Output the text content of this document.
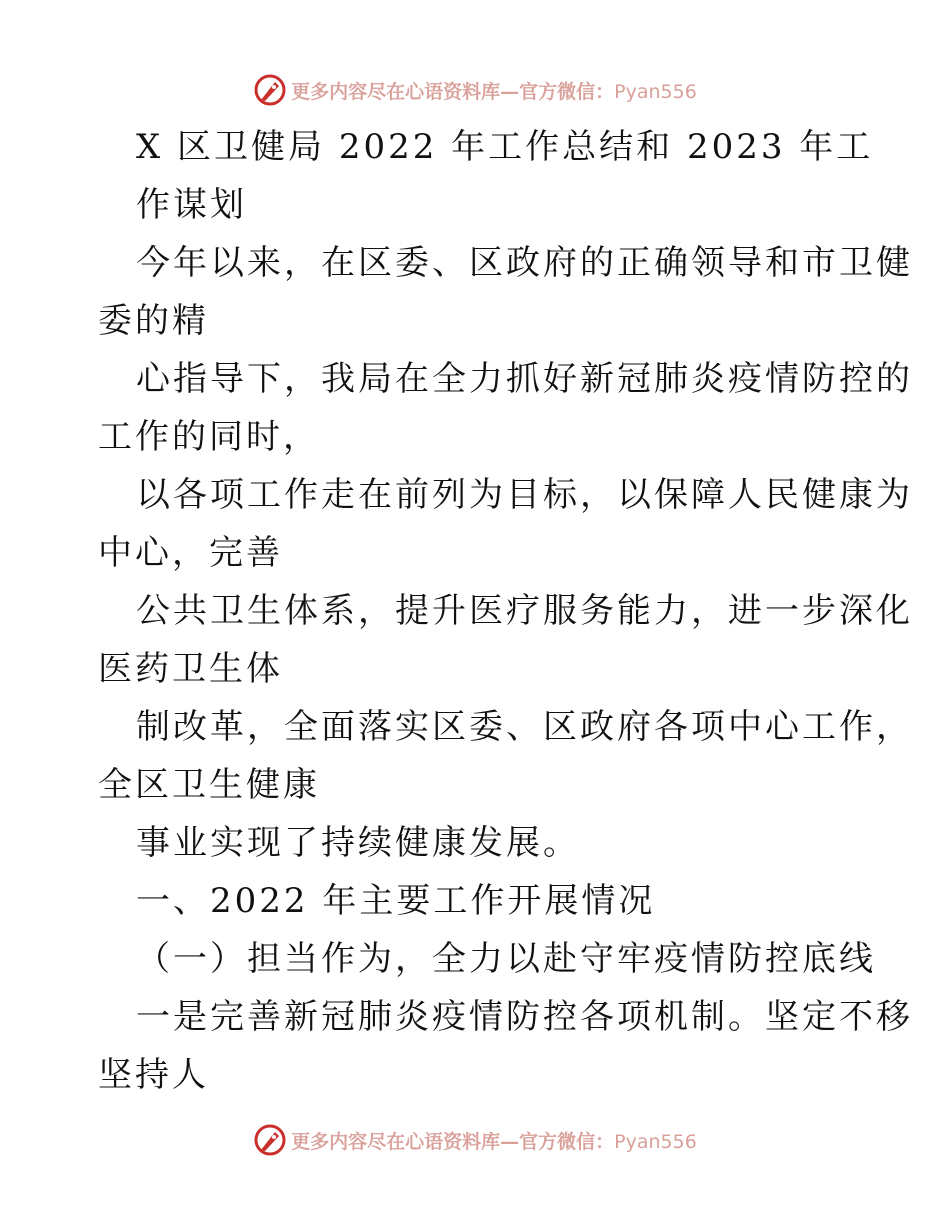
更多内容尽在心语资料库—官方微信：Pyan556
X 区卫健局 2022 年工作总结和 2023 年工
作谋划
今年以来，在区委、区政府的正确领导和市卫健
委的精
心指导下，我局在全力抓好新冠肺炎疫情防控的
工作的同时，
以各项工作走在前列为目标，以保障人民健康为
中心，完善
公共卫生体系，提升医疗服务能力，进一步深化
医药卫生体
制改革，全面落实区委、区政府各项中心工作，
全区卫生健康
事业实现了持续健康发展。
一、2022 年主要工作开展情况
（一）担当作为，全力以赴守牢疫情防控底线
一是完善新冠肺炎疫情防控各项机制。坚定不移
坚持人
更多内容尽在心语资料库—官方微信：Pyan556
